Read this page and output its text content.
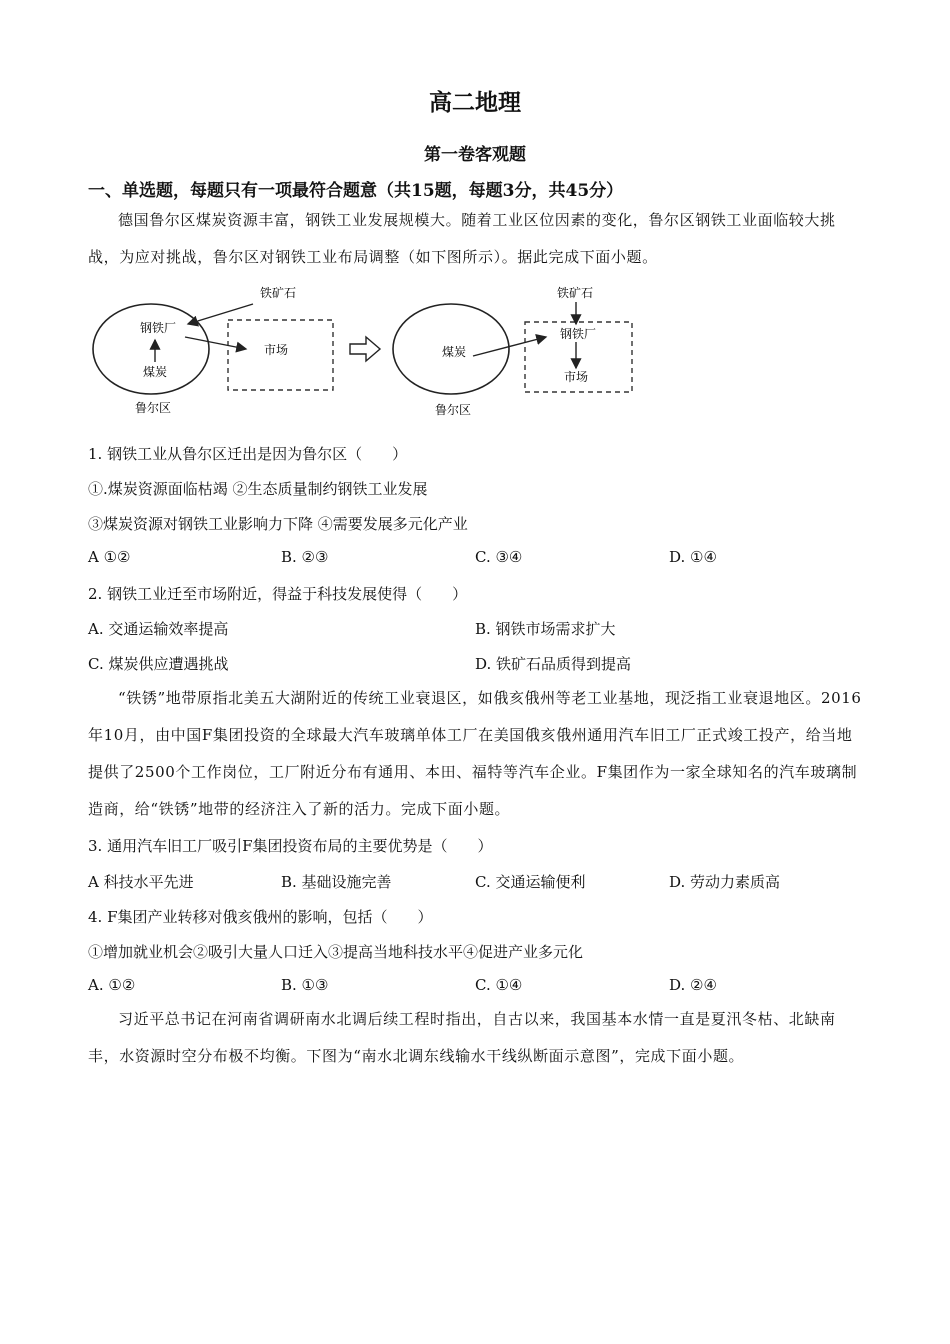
高二地理
第一卷客观题
一、单选题，每题只有一项最符合题意（共15题，每题3分，共45分）
德国鲁尔区煤炭资源丰富，钢铁工业发展规模大。随着工业区位因素的变化，鲁尔区钢铁工业面临较大挑战，为应对挑战，鲁尔区对钢铁工业布局调整（如下图所示）。据此完成下面小题。
钢铁厂
煤炭
铁矿石
市场
鲁尔区
煤炭
铁矿石
钢铁厂
市场
鲁尔区
1. 钢铁工业从鲁尔区迁出是因为鲁尔区（　　）
①.煤炭资源面临枯竭 ②生态质量制约钢铁工业发展
③煤炭资源对钢铁工业影响力下降 ④需要发展多元化产业
A ①②	B. ②③	C. ③④	D. ①④
2. 钢铁工业迁至市场附近，得益于科技发展使得（　　）
A. 交通运输效率提高	B. 钢铁市场需求扩大
C. 煤炭供应遭遇挑战	D. 铁矿石品质得到提高
“铁锈”地带原指北美五大湖附近的传统工业衰退区，如俄亥俄州等老工业基地，现泛指工业衰退地区。2016年10月，由中国F集团投资的全球最大汽车玻璃单体工厂在美国俄亥俄州通用汽车旧工厂正式竣工投产，给当地提供了2500个工作岗位，工厂附近分布有通用、本田、福特等汽车企业。F集团作为一家全球知名的汽车玻璃制造商，给“铁锈”地带的经济注入了新的活力。完成下面小题。
3. 通用汽车旧工厂吸引F集团投资布局的主要优势是（　　）
A 科技水平先进	B. 基础设施完善	C. 交通运输便利	D. 劳动力素质高
4. F集团产业转移对俄亥俄州的影响，包括（　　）
①增加就业机会②吸引大量人口迁入③提高当地科技水平④促进产业多元化
A. ①②	B. ①③	C. ①④	D. ②④
习近平总书记在河南省调研南水北调后续工程时指出，自古以来，我国基本水情一直是夏汛冬枯、北缺南丰，水资源时空分布极不均衡。下图为“南水北调东线输水干线纵断面示意图”，完成下面小题。
